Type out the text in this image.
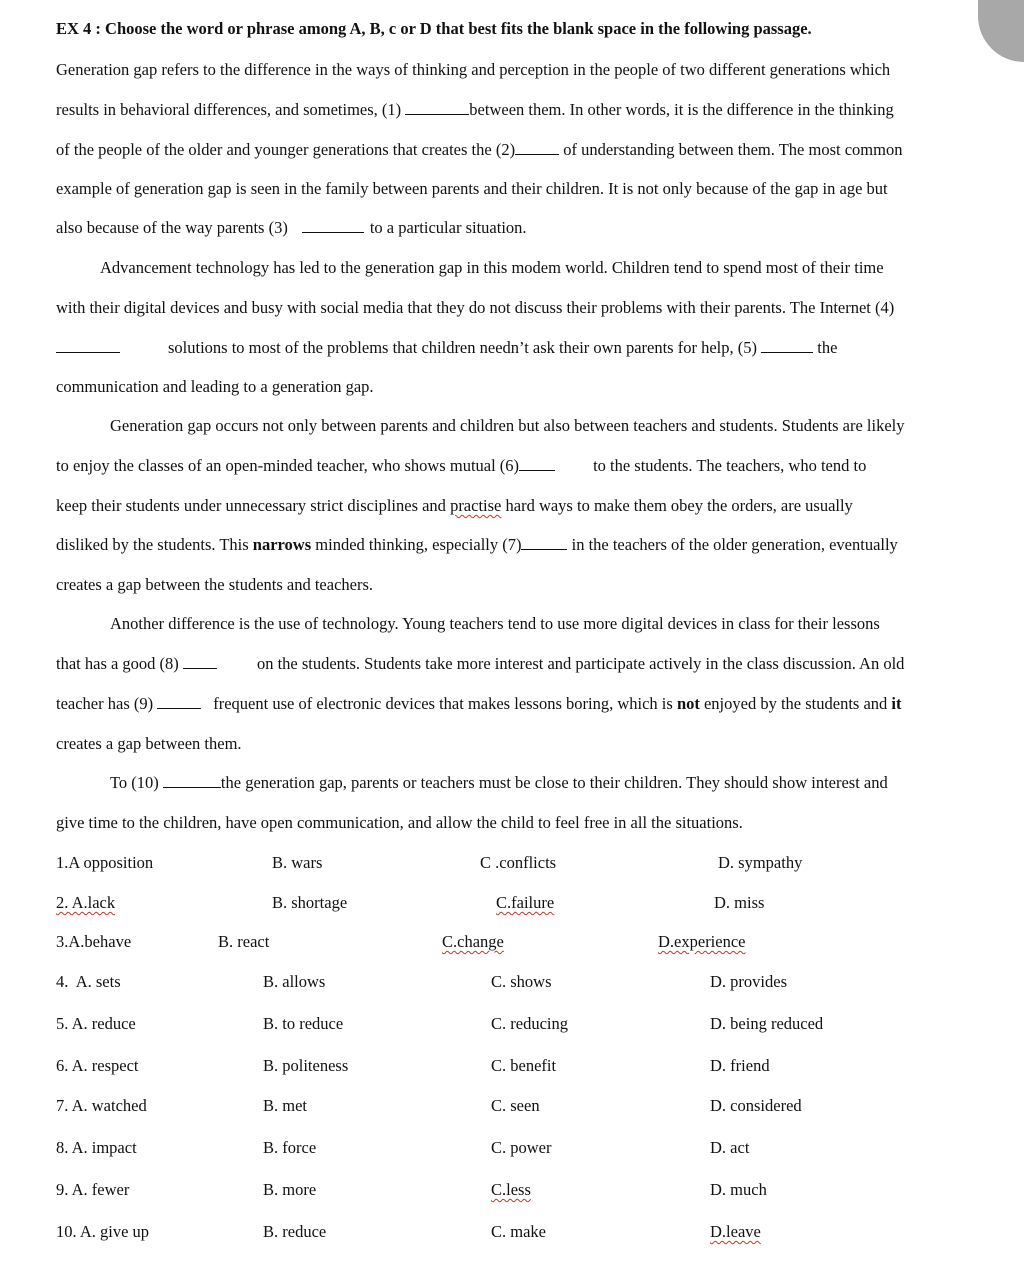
EX 4 : Choose the word or phrase among A, B, c or D that best fits the blank space in the following passage.
Generation gap refers to the difference in the ways of thinking and perception in the people of two different generations which
results in behavioral differences, and sometimes, (1)	between them. In other words, it is the difference in the thinking
of the people of the older and younger generations that creates the (2)	of understanding between them. The most common
example of generation gap is seen in the family between parents and their children. It is not only because of the gap in age but
also because of the way parents (3)	to a particular situation.
Advancement technology has led to the generation gap in this modem world. Children tend to spend most of their time
with their digital devices and busy with social media that they do not discuss their problems with their parents. The Internet (4)
solutions to most of the problems that children needn’t ask their own parents for help, (5)	the
communication and leading to a generation gap.
Generation gap occurs not only between parents and children but also between teachers and students. Students are likely
to enjoy the classes of an open-minded teacher, who shows mutual (6)	to the students. The teachers, who tend to
keep their students under unnecessary strict disciplines and practise hard ways to make them obey the orders, are usually
disliked by the students. This narrows minded thinking, especially (7)	in the teachers of the older generation, eventually
creates a gap between the students and teachers.
Another difference is the use of technology. Young teachers tend to use more digital devices in class for their lessons
that has a good (8)	on the students. Students take more interest and participate actively in the class discussion. An old
teacher has (9)	frequent use of electronic devices that makes lessons boring, which is not enjoyed by the students and it
creates a gap between them.
To (10)	the generation gap, parents or teachers must be close to their children. They should show interest and
give time to the children, have open communication, and allow the child to feel free in all the situations.
1.A opposition	B. wars	C .conflicts	D. sympathy
2. A.lack	B. shortage	C.failure	D. miss
3.A.behave	B. react	C.change	D.experience
4.  A. sets	B. allows	C. shows	D. provides
5. A. reduce	B. to reduce	C. reducing	D. being reduced
6. A. respect	B. politeness	C. benefit	D. friend
7. A. watched	B. met	C. seen	D. considered
8. A. impact	B. force	C. power	D. act
9. A. fewer	B. more	C.less	D. much
10. A. give up	B. reduce	C. make	D.leave
